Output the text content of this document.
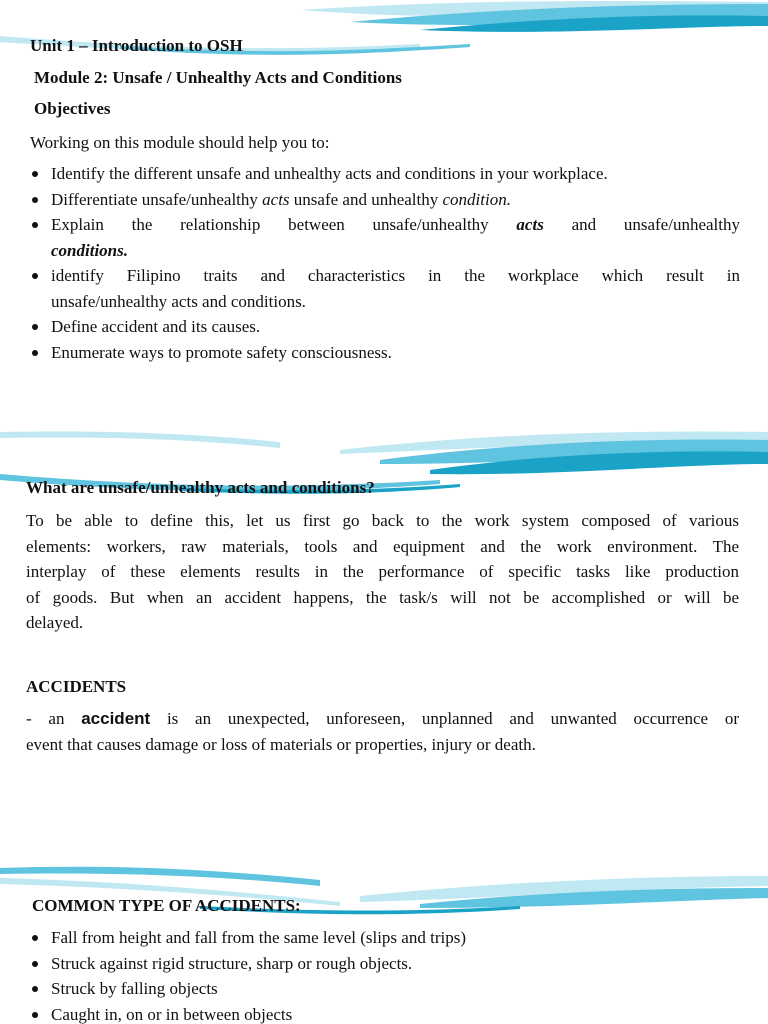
Unit 1 – Introduction to OSH
Module 2: Unsafe / Unhealthy Acts and Conditions
Objectives
Working on this module should help you to:
Identify the different unsafe and unhealthy acts and conditions in your workplace.
Differentiate unsafe/unhealthy acts unsafe and unhealthy condition.
Explain the relationship between unsafe/unhealthy acts and unsafe/unhealthy
conditions.
identify Filipino traits and characteristics in the workplace which result in
unsafe/unhealthy acts and conditions.
Define accident and its causes.
Enumerate ways to promote safety consciousness.
What are unsafe/unhealthy acts and conditions?
To be able to define this, let us first go back to the work system composed of various
elements: workers, raw materials, tools and equipment and the work environment. The
interplay of these elements results in the performance of specific tasks like production
of goods. But when an accident happens, the task/s will not be accomplished or will be
delayed.
ACCIDENTS
- an accident is an unexpected, unforeseen, unplanned and unwanted occurrence or
event that causes damage or loss of materials or properties, injury or death.
COMMON TYPE OF ACCIDENTS:
Fall from height and fall from the same level (slips and trips)
Struck against rigid structure, sharp or rough objects.
Struck by falling objects
Caught in, on or in between objects
